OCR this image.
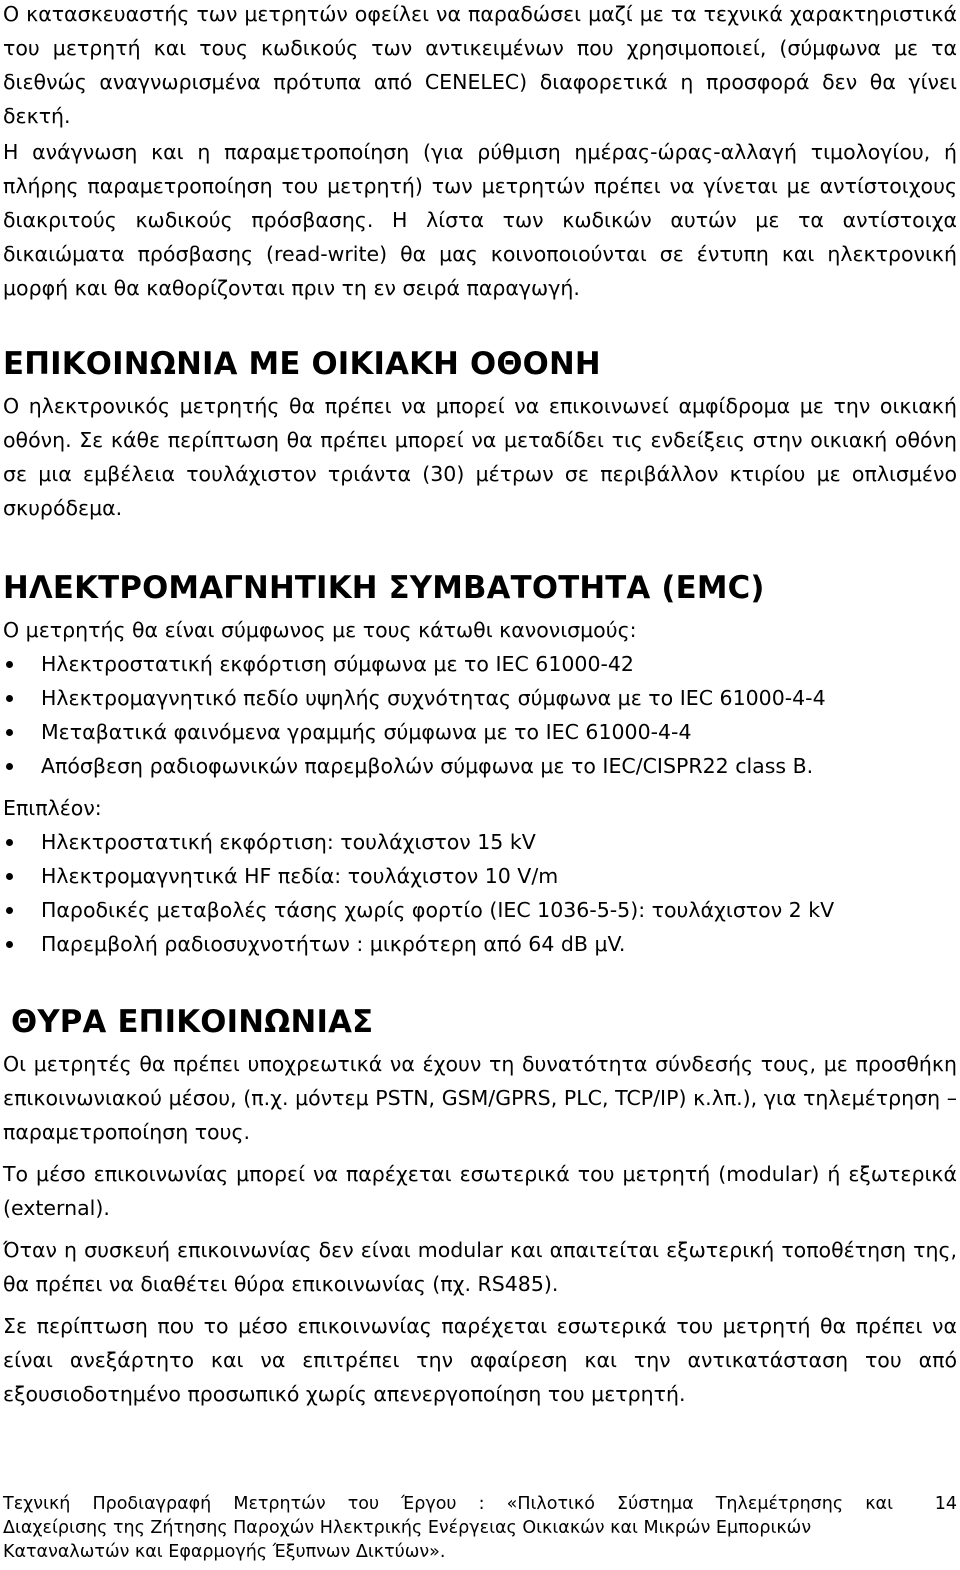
Ο κατασκευαστής των μετρητών οφείλει να παραδώσει μαζί με τα τεχνικά χαρακτηριστικά του μετρητή και τους κωδικούς των αντικειμένων που χρησιμοποιεί, (σύμφωνα με τα διεθνώς αναγνωρισμένα πρότυπα από CENELEC) διαφορετικά η προσφορά δεν θα γίνει δεκτή.

Η ανάγνωση και η παραμετροποίηση (για ρύθμιση ημέρας-ώρας-αλλαγή τιμολογίου, ή πλήρης παραμετροποίηση του μετρητή) των μετρητών πρέπει να γίνεται με αντίστοιχους διακριτούς κωδικούς πρόσβασης. Η λίστα των κωδικών αυτών με τα αντίστοιχα δικαιώματα πρόσβασης (read-write) θα μας κοινοποιούνται σε έντυπη και ηλεκτρονική μορφή και θα καθορίζονται πριν τη εν σειρά παραγωγή.

ΕΠΙΚΟΙΝΩΝΙΑ ΜΕ ΟΙΚΙΑΚΗ ΟΘΟΝΗ

Ο ηλεκτρονικός μετρητής θα πρέπει να μπορεί να επικοινωνεί αμφίδρομα με την οικιακή οθόνη. Σε κάθε περίπτωση θα πρέπει μπορεί να μεταδίδει τις ενδείξεις στην οικιακή οθόνη σε μια εμβέλεια τουλάχιστον τριάντα (30) μέτρων σε περιβάλλον κτιρίου με οπλισμένο σκυρόδεμα.

ΗΛΕΚΤΡΟΜΑΓΝΗΤΙΚΗ ΣΥΜΒΑΤΟΤΗΤΑ (EMC)

Ο μετρητής θα είναι σύμφωνος με τους κάτωθι κανονισμούς:

Ηλεκτροστατική εκφόρτιση σύμφωνα με το IEC 61000-42
Ηλεκτρομαγνητικό πεδίο υψηλής συχνότητας σύμφωνα με το IEC 61000-4-4
Μεταβατικά φαινόμενα γραμμής σύμφωνα με το IEC 61000-4-4
Απόσβεση ραδιοφωνικών παρεμβολών σύμφωνα με το IEC/CISPR22 class B.

Επιπλέον:

Ηλεκτροστατική εκφόρτιση: τουλάχιστον 15 kV
Ηλεκτρομαγνητικά HF πεδία: τουλάχιστον 10 V/m
Παροδικές μεταβολές τάσης χωρίς φορτίο (IEC 1036-5-5): τουλάχιστον 2 kV
Παρεμβολή ραδιοσυχνοτήτων : μικρότερη από 64 dB μV.
ΘΥΡΑ ΕΠΙΚΟΙΝΩΝΙΑΣ

Οι μετρητές θα πρέπει υποχρεωτικά να έχουν τη δυνατότητα σύνδεσής τους, με προσθήκη επικοινωνιακού μέσου, (π.χ. μόντεμ PSTN, GSM/GPRS, PLC, TCP/IP) κ.λπ.), για τηλεμέτρηση – παραμετροποίηση τους.

Το μέσο επικοινωνίας μπορεί να παρέχεται εσωτερικά του μετρητή (modular) ή εξωτερικά (external).

Όταν η συσκευή επικοινωνίας δεν είναι modular και απαιτείται εξωτερική τοποθέτηση της, θα πρέπει να διαθέτει θύρα επικοινωνίας (πχ. RS485).

Σε περίπτωση που το μέσο επικοινωνίας παρέχεται εσωτερικά του μετρητή θα πρέπει να είναι ανεξάρτητο και να επιτρέπει την αφαίρεση και την αντικατάσταση του από εξουσιοδοτημένο προσωπικό χωρίς απενεργοποίηση του μετρητή.

Τεχνική Προδιαγραφή Μετρητών του Έργου : «Πιλοτικό Σύστημα Τηλεμέτρησης και	14
Διαχείρισης της Ζήτησης Παροχών Ηλεκτρικής Ενέργειας Οικιακών και Μικρών Εμπορικών
Καταναλωτών και Εφαρμογής Έξυπνων Δικτύων».
